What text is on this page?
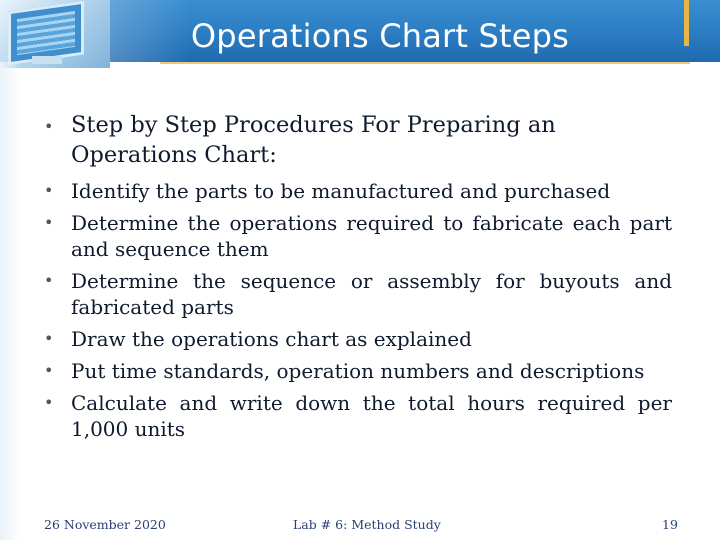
Operations Chart Steps
• Step by Step Procedures For Preparing an
Operations Chart:
• Identify the parts to be manufactured and purchased
• Determine the operations required to fabricate each part and sequence them
• Determine the sequence or assembly for buyouts and fabricated parts
• Draw the operations chart as explained
• Put time standards, operation numbers and descriptions
• Calculate and write down the total hours required per 1,000 units
26 November 2020	Lab # 6: Method Study	19
